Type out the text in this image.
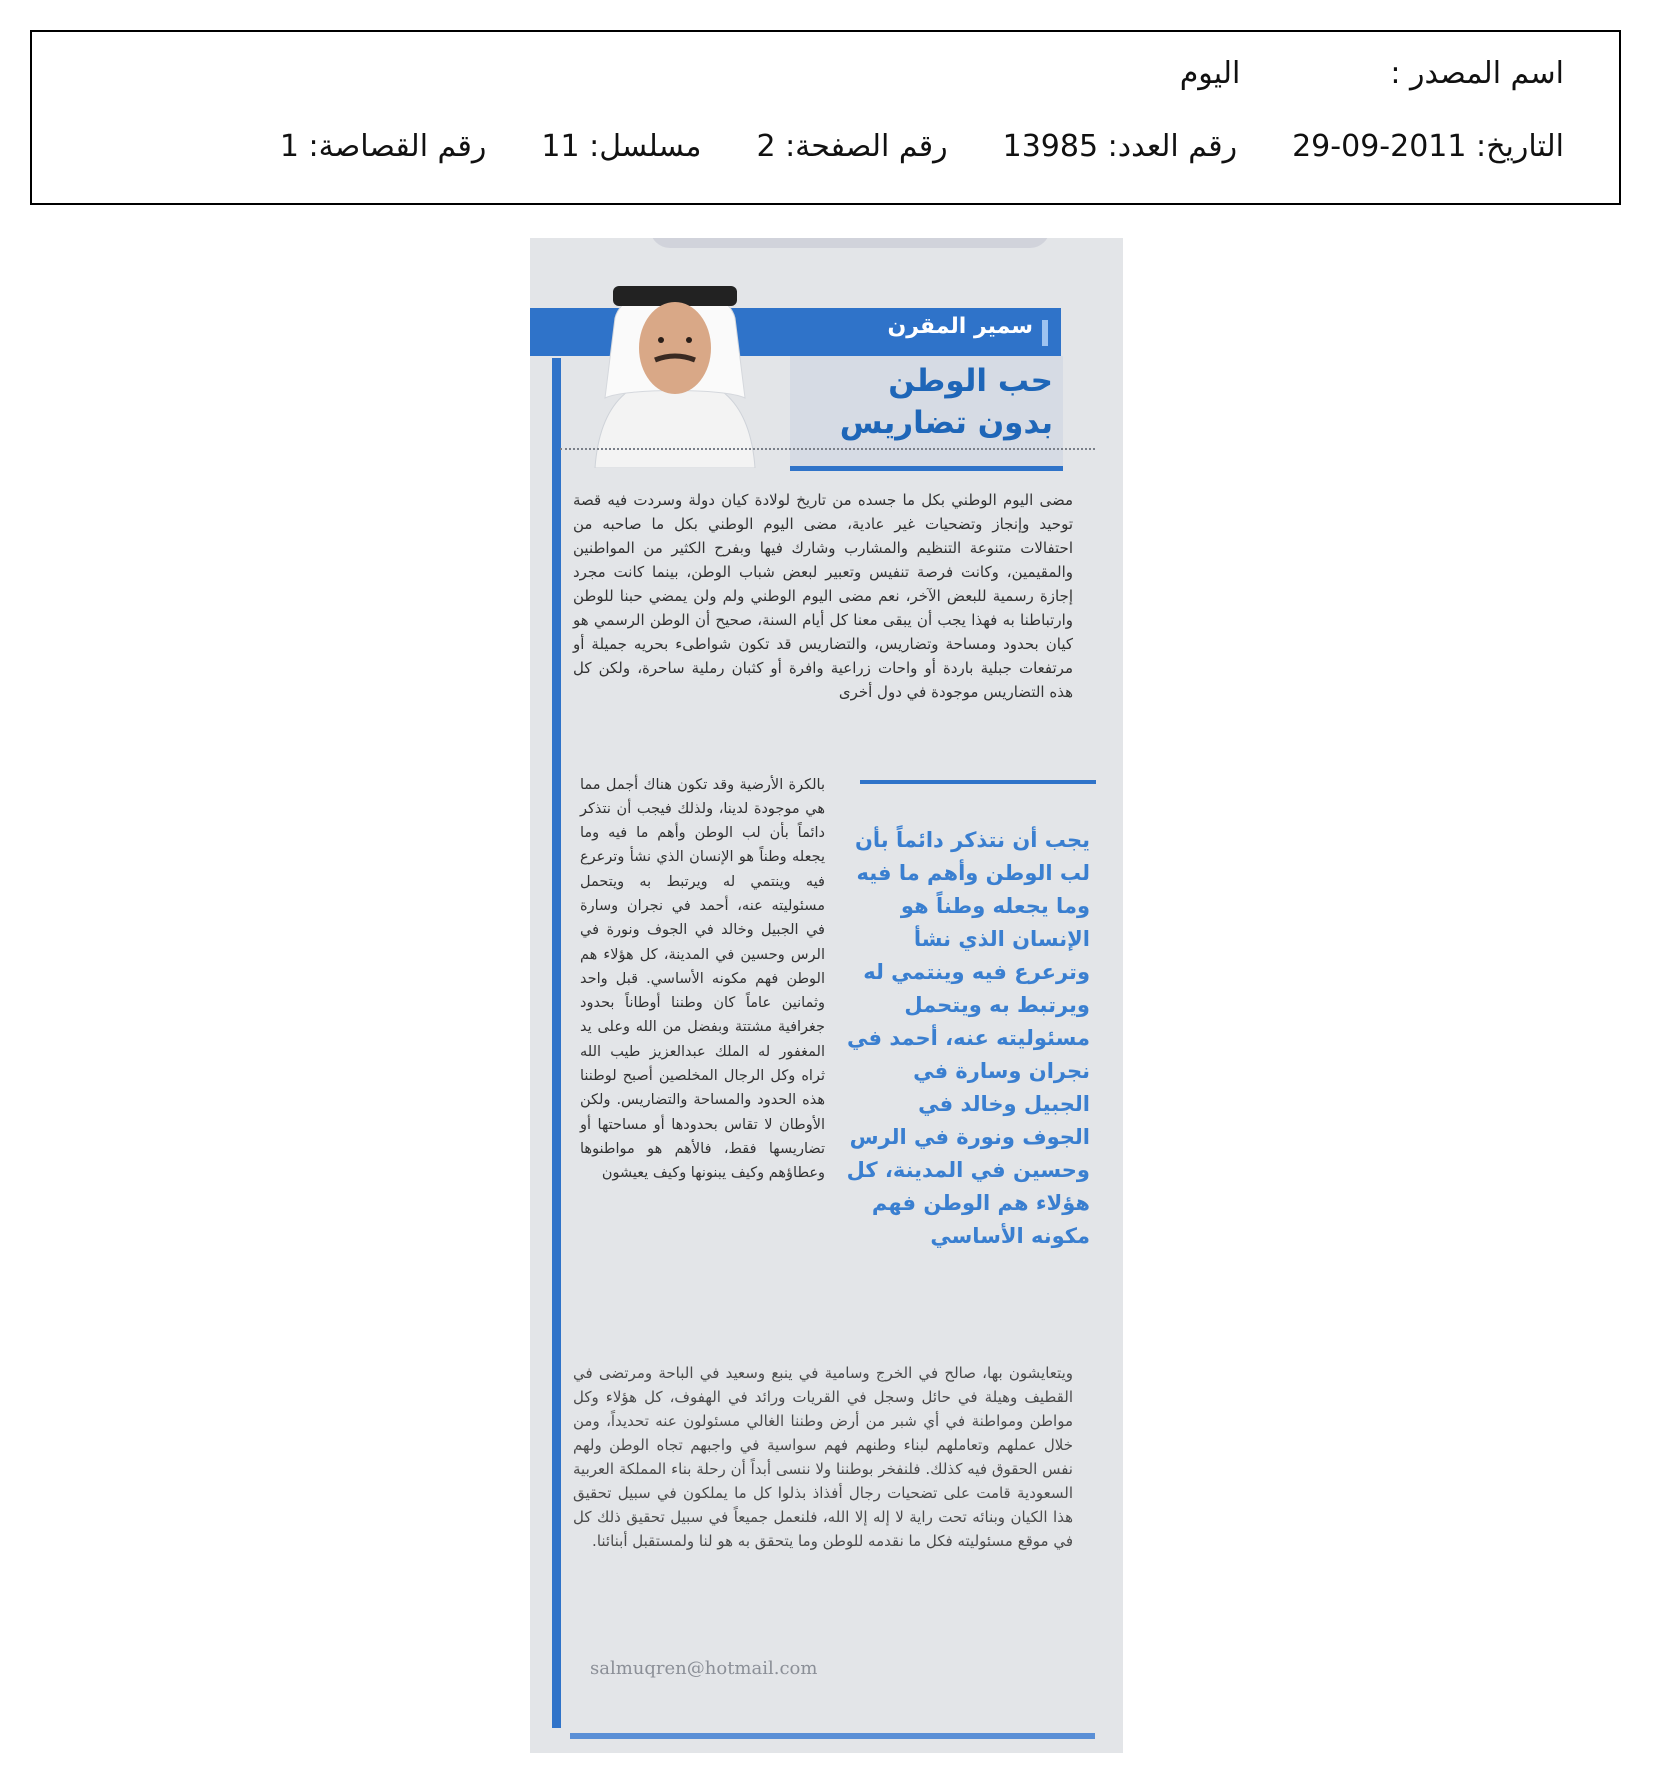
اسم المصدر :اليوم
التاريخ: 2011-09-29رقم العدد: 13985رقم الصفحة: 2مسلسل: 11رقم القصاصة: 1
سمير المقرن
حب الوطن
بدون تضاريس

مضى اليوم الوطني بكل ما جسده من تاريخ لولادة كيان دولة وسردت فيه قصة توحيد وإنجاز وتضحيات غير عادية، مضى اليوم الوطني بكل ما صاحبه من احتفالات متنوعة التنظيم والمشارب وشارك فيها وبفرح الكثير من المواطنين والمقيمين، وكانت فرصة تنفيس وتعبير لبعض شباب الوطن، بينما كانت مجرد إجازة رسمية للبعض الآخر، نعم مضى اليوم الوطني ولم ولن يمضي حبنا للوطن وارتباطنا به فهذا يجب أن يبقى معنا كل أيام السنة، صحيح أن الوطن الرسمي هو كيان بحدود ومساحة وتضاريس، والتضاريس قد تكون شواطىء بحريه جميلة أو مرتفعات جبلية باردة أو واحات زراعية وافرة أو كثبان رملية ساحرة، ولكن كل هذه التضاريس موجودة في دول أخرى

بالكرة الأرضية وقد تكون هناك أجمل مما هي موجودة لدينا، ولذلك فيجب أن نتذكر دائماً بأن لب الوطن وأهم ما فيه وما يجعله وطناً هو الإنسان الذي نشأ وترعرع فيه وينتمي له ويرتبط به ويتحمل مسئوليته عنه، أحمد في نجران وسارة في الجبيل وخالد في الجوف ونورة في الرس وحسين في المدينة، كل هؤلاء هم الوطن فهم مكونه الأساسي. قبل واحد وثمانين عاماً كان وطننا أوطاناً بحدود جغرافية مشتتة وبفضل من الله وعلى يد المغفور له الملك عبدالعزيز طيب الله ثراه وكل الرجال المخلصين أصبح لوطننا هذه الحدود والمساحة والتضاريس. ولكن الأوطان لا تقاس بحدودها أو مساحتها أو تضاريسها فقط، فالأهم هو مواطنوها وعطاؤهم وكيف يبنونها وكيف يعيشون

يجب أن نتذكر دائماً بأن لب الوطن وأهم ما فيه وما يجعله وطناً هو الإنسان الذي نشأ وترعرع فيه وينتمي له ويرتبط به ويتحمل مسئوليته عنه، أحمد في نجران وسارة في الجبيل وخالد في الجوف ونورة في الرس وحسين في المدينة، كل هؤلاء هم الوطن فهم مكونه الأساسي

ويتعايشون بها، صالح في الخرج وسامية في ينبع وسعيد في الباحة ومرتضى في القطيف وهيلة في حائل وسجل في القريات ورائد في الهفوف، كل هؤلاء وكل مواطن ومواطنة في أي شبر من أرض وطننا الغالي مسئولون عنه تحديداً، ومن خلال عملهم وتعاملهم لبناء وطنهم فهم سواسية في واجبهم تجاه الوطن ولهم نفس الحقوق فيه كذلك. فلنفخر بوطننا ولا ننسى أبداً أن رحلة بناء المملكة العربية السعودية قامت على تضحيات رجال أفذاذ بذلوا كل ما يملكون في سبيل تحقيق هذا الكيان وبنائه تحت راية لا إله إلا الله، فلنعمل جميعاً في سبيل تحقيق ذلك كل في موقع مسئوليته فكل ما نقدمه للوطن وما يتحقق به هو لنا ولمستقبل أبنائنا.

salmuqren@hotmail.com
